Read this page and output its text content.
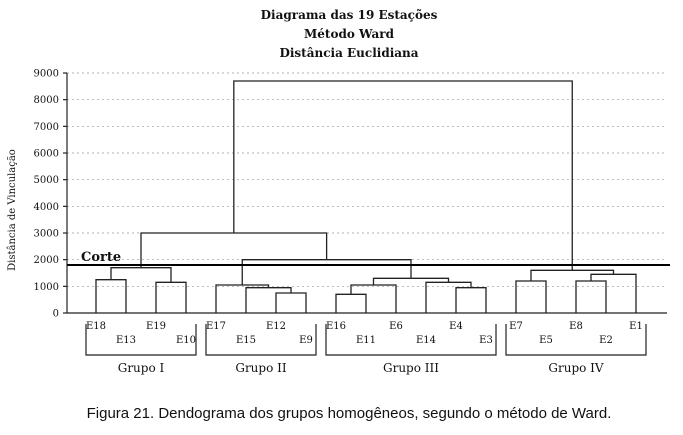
Diagrama das 19 Estações
Método Ward
Distância Euclidiana
0
1000
2000
3000
4000
5000
6000
7000
8000
9000
Distância de Vinculação	Corte
E18
E13
E19
E10
E17
E15
E12
E9
E16
E11
E6
E14
E4
E3
E7
E5
E8
E2
E1
Grupo I	Grupo II	Grupo III	Grupo IV
Figura 21. Dendograma dos grupos homogêneos, segundo o método de Ward.
